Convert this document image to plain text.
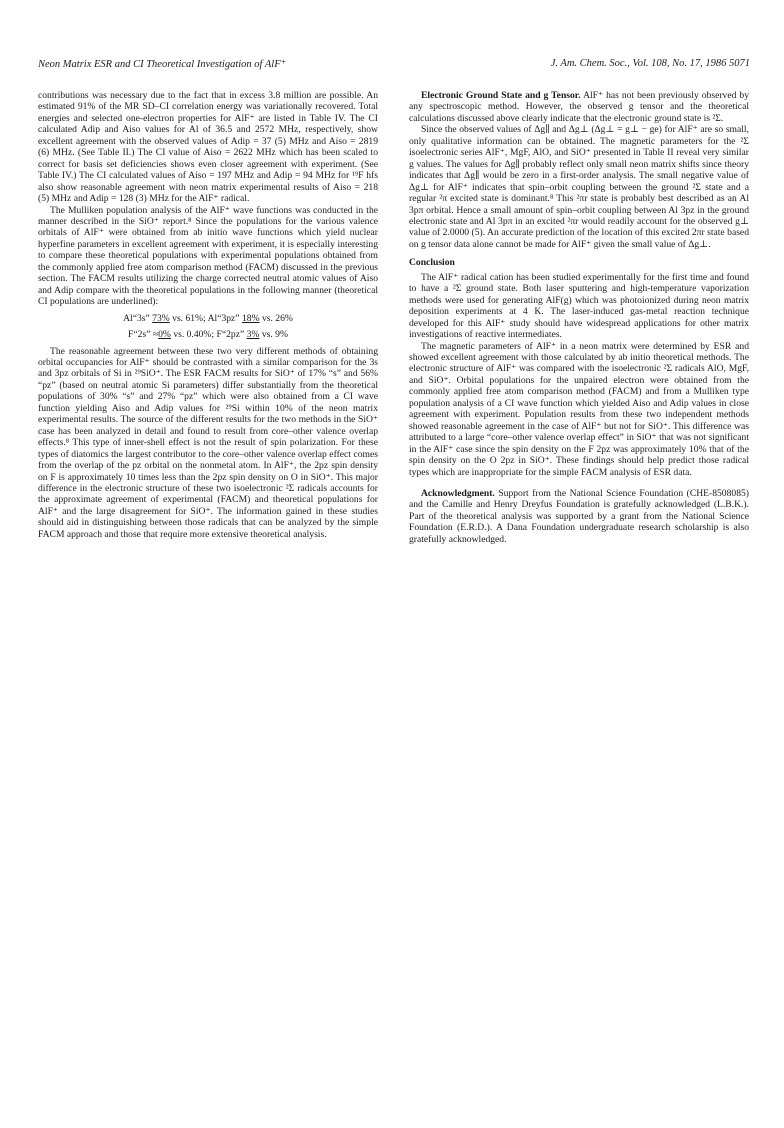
Neon Matrix ESR and CI Theoretical Investigation of AlF⁺	J. Am. Chem. Soc., Vol. 108, No. 17, 1986 5071

contributions was necessary due to the fact that in excess 3.8 million are possible. An estimated 91% of the MR SD–CI correlation energy was variationally recovered. Total energies and selected one-electron properties for AlF⁺ are listed in Table IV. The CI calculated Adip and Aiso values for Al of 36.5 and 2572 MHz, respectively, show excellent agreement with the observed values of Adip = 37 (5) MHz and Aiso = 2819 (6) MHz. (See Table II.) The CI value of Aiso = 2622 MHz which has been scaled to correct for basis set deficiencies shows even closer agreement with experiment. (See Table IV.) The CI calculated values of Aiso = 197 MHz and Adip = 94 MHz for ¹⁹F hfs also show reasonable agreement with neon matrix experimental results of Aiso = 218 (5) MHz and Adip = 128 (3) MHz for the AlF⁺ radical.

The Mulliken population analysis of the AlF⁺ wave functions was conducted in the manner described in the SiO⁺ report.⁸ Since the populations for the various valence orbitals of AlF⁺ were obtained from ab initio wave functions which yield nuclear hyperfine parameters in excellent agreement with experiment, it is especially interesting to compare these theoretical populations with experimental populations obtained from the commonly applied free atom comparison method (FACM) discussed in the previous section. The FACM results utilizing the charge corrected neutral atomic values of Aiso and Adip compare with the theoretical populations in the following manner (theoretical CI populations are underlined):

Al“3s” 73% vs. 61%; Al“3pz” 18% vs. 26%

F“2s” ≈0% vs. 0.40%; F“2pz” 3% vs. 9%

The reasonable agreement between these two very different methods of obtaining orbital occupancies for AlF⁺ should be contrasted with a similar comparison for the 3s and 3pz orbitals of Si in ²⁹SiO⁺. The ESR FACM results for SiO⁺ of 17% “s” and 56% “pz” (based on neutral atomic Si parameters) differ substantially from the theoretical populations of 30% “s” and 27% “pz” which were also obtained from a CI wave function yielding Aiso and Adip values for ²⁹Si within 10% of the neon matrix experimental results. The source of the different results for the two methods in the SiO⁺ case has been analyzed in detail and found to result from core–other valence overlap effects.⁸ This type of inner-shell effect is not the result of spin polarization. For these types of diatomics the largest contributor to the core–other valence overlap effect comes from the overlap of the pz orbital on the nonmetal atom. In AlF⁺, the 2pz spin density on F is approximately 10 times less than the 2pz spin density on O in SiO⁺. This major difference in the electronic structure of these two isoelectronic ²Σ radicals accounts for the approximate agreement of experimental (FACM) and theoretical populations for AlF⁺ and the large disagreement for SiO⁺. The information gained in these studies should aid in distinguishing between those radicals that can be analyzed by the simple FACM approach and those that require more extensive theoretical analysis.

Electronic Ground State and g Tensor. AlF⁺ has not been previously observed by any spectroscopic method. However, the observed g tensor and the theoretical calculations discussed above clearly indicate that the electronic ground state is ²Σ.

Since the observed values of Δg∥ and Δg⊥ (Δg⊥ = g⊥ − ge) for AlF⁺ are so small, only qualitative information can be obtained. The magnetic parameters for the ²Σ isoelectronic series AlF⁺, MgF, AlO, and SiO⁺ presented in Table II reveal very similar g values. The values for Δg∥ probably reflect only small neon matrix shifts since theory indicates that Δg∥ would be zero in a first-order analysis. The small negative value of Δg⊥ for AlF⁺ indicates that spin–orbit coupling between the ground ²Σ state and a regular ²π excited state is dominant.⁸ This ²πr state is probably best described as an Al 3pπ orbital. Hence a small amount of spin–orbit coupling between Al 3pz in the ground electronic state and Al 3pπ in an excited ²πr would readily account for the observed g⊥ value of 2.0000 (5). An accurate prediction of the location of this excited 2πr state based on g tensor data alone cannot be made for AlF⁺ given the small value of Δg⊥.

Conclusion

The AlF⁺ radical cation has been studied experimentally for the first time and found to have a ²Σ ground state. Both laser sputtering and high-temperature vaporization methods were used for generating AlF(g) which was photoionized during neon matrix deposition experiments at 4 K. The laser-induced gas-metal reaction technique developed for this AlF⁺ study should have widespread applications for other matrix investigations of reactive intermediates.

The magnetic parameters of AlF⁺ in a neon matrix were determined by ESR and showed excellent agreement with those calculated by ab initio theoretical methods. The electronic structure of AlF⁺ was compared with the isoelectronic ²Σ radicals AlO, MgF, and SiO⁺. Orbital populations for the unpaired electron were obtained from the commonly applied free atom comparison method (FACM) and from a Mulliken type population analysis of a CI wave function which yielded Aiso and Adip values in close agreement with experiment. Population results from these two independent methods showed reasonable agreement in the case of AlF⁺ but not for SiO⁺. This difference was attributed to a large “core–other valence overlap effect” in SiO⁺ that was not significant in the AlF⁺ case since the spin density on the F 2pz was approximately 10% that of the spin density on the O 2pz in SiO⁺. These findings should help predict those radical types which are inappropriate for the simple FACM analysis of ESR data.

Acknowledgment. Support from the National Science Foundation (CHE-8508085) and the Camille and Henry Dreyfus Foundation is gratefully acknowledged (L.B.K.). Part of the theoretical analysis was supported by a grant from the National Science Foundation (E.R.D.). A Dana Foundation undergraduate research scholarship is also gratefully acknowledged.
